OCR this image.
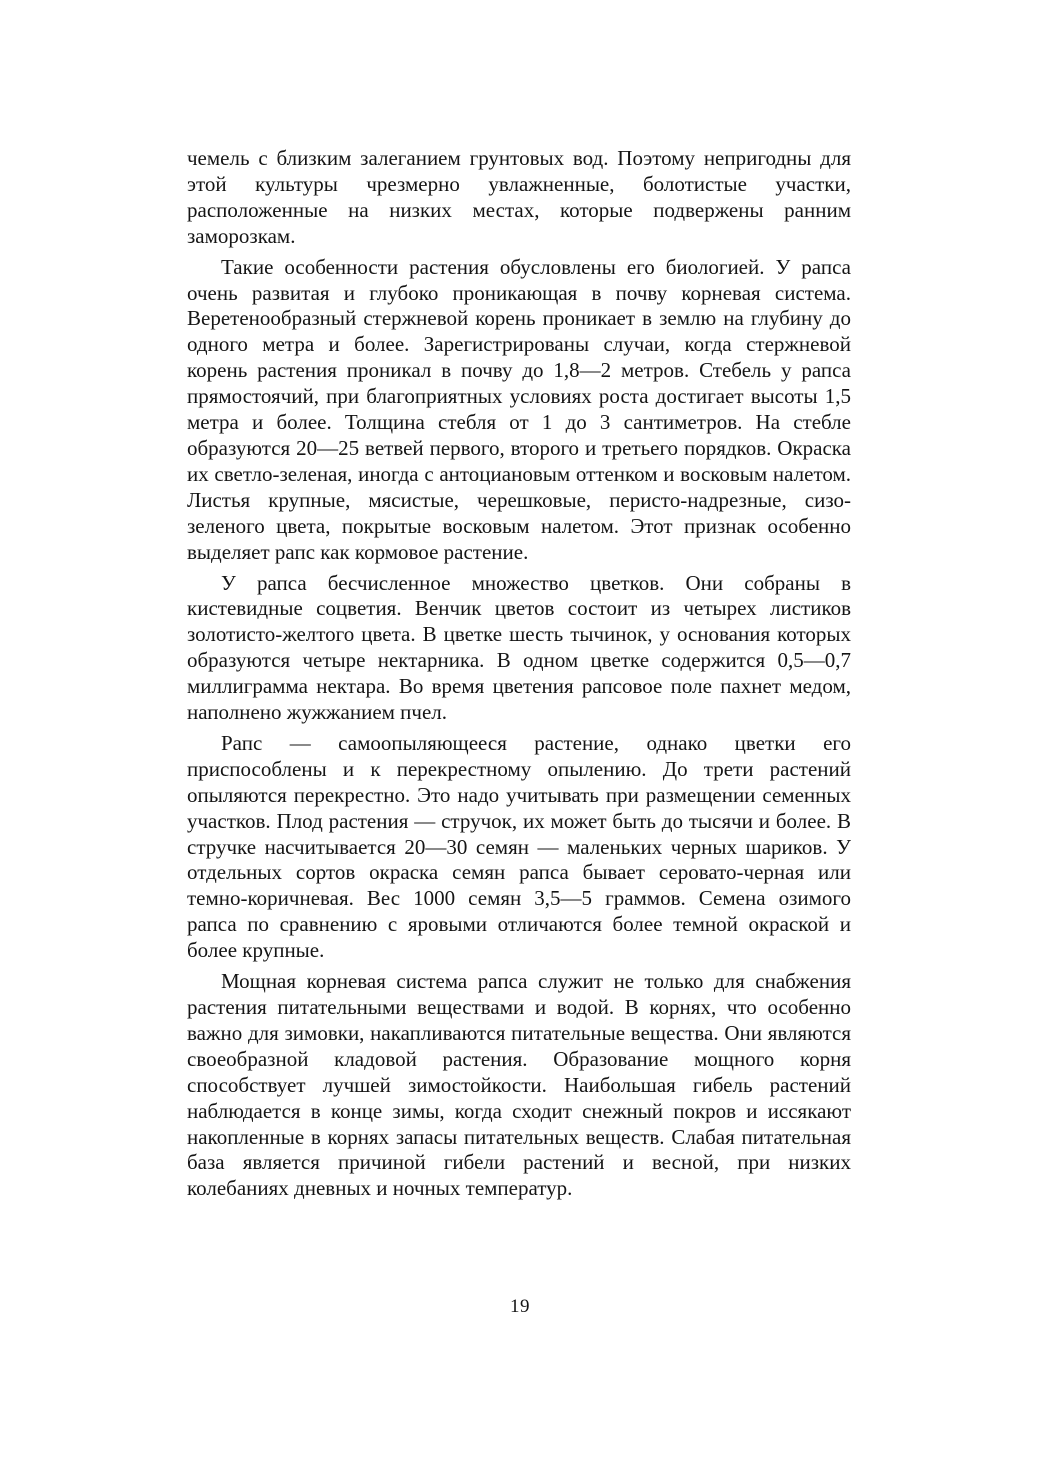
чемель с близким залеганием грунтовых вод. Поэтому непригодны для этой культуры чрезмерно увлажненные, болотистые участки, расположенные на низких местах, которые подвержены ранним заморозкам.

Такие особенности растения обусловлены его биологией. У рапса очень развитая и глубоко проникающая в почву корневая система. Веретенообразный стержневой корень проникает в землю на глубину до одного метра и более. Зарегистрированы случаи, когда стержневой корень растения проникал в почву до 1,8—2 метров. Стебель у рапса прямостоячий, при благоприятных условиях роста достигает высоты 1,5 метра и более. Толщина стебля от 1 до 3 сантиметров. На стебле образуются 20—25 ветвей первого, второго и третьего порядков. Окраска их светло-зеленая, иногда с антоциановым оттенком и восковым налетом. Листья крупные, мясистые, черешковые, перисто-надрезные, сизо-зеленого цвета, покрытые восковым налетом. Этот признак особенно выделяет рапс как кормовое растение.

У рапса бесчисленное множество цветков. Они собраны в кистевидные соцветия. Венчик цветов состоит из четырех листиков золотисто-желтого цвета. В цветке шесть тычинок, у основания которых образуются четыре нектарника. В одном цветке содержится 0,5—0,7 миллиграмма нектара. Во время цветения рапсовое поле пахнет медом, наполнено жужжанием пчел.

Рапс — самоопыляющееся растение, однако цветки его приспособлены и к перекрестному опылению. До трети растений опыляются перекрестно. Это надо учитывать при размещении семенных участков. Плод растения — стручок, их может быть до тысячи и более. В стручке насчитывается 20—30 семян — маленьких черных шариков. У отдельных сортов окраска семян рапса бывает серовато-черная или темно-коричневая. Вес 1000 семян 3,5—5 граммов. Семена озимого рапса по сравнению с яровыми отличаются более темной окраской и более крупные.

Мощная корневая система рапса служит не только для снабжения растения питательными веществами и водой. В корнях, что особенно важно для зимовки, накапливаются питательные вещества. Они являются своеобразной кладовой растения. Образование мощного корня способствует лучшей зимостойкости. Наибольшая гибель растений наблюдается в конце зимы, когда сходит снежный покров и иссякают накопленные в корнях запасы питательных веществ. Слабая питательная база является причиной гибели растений и весной, при низких колебаниях дневных и ночных температур.

19
